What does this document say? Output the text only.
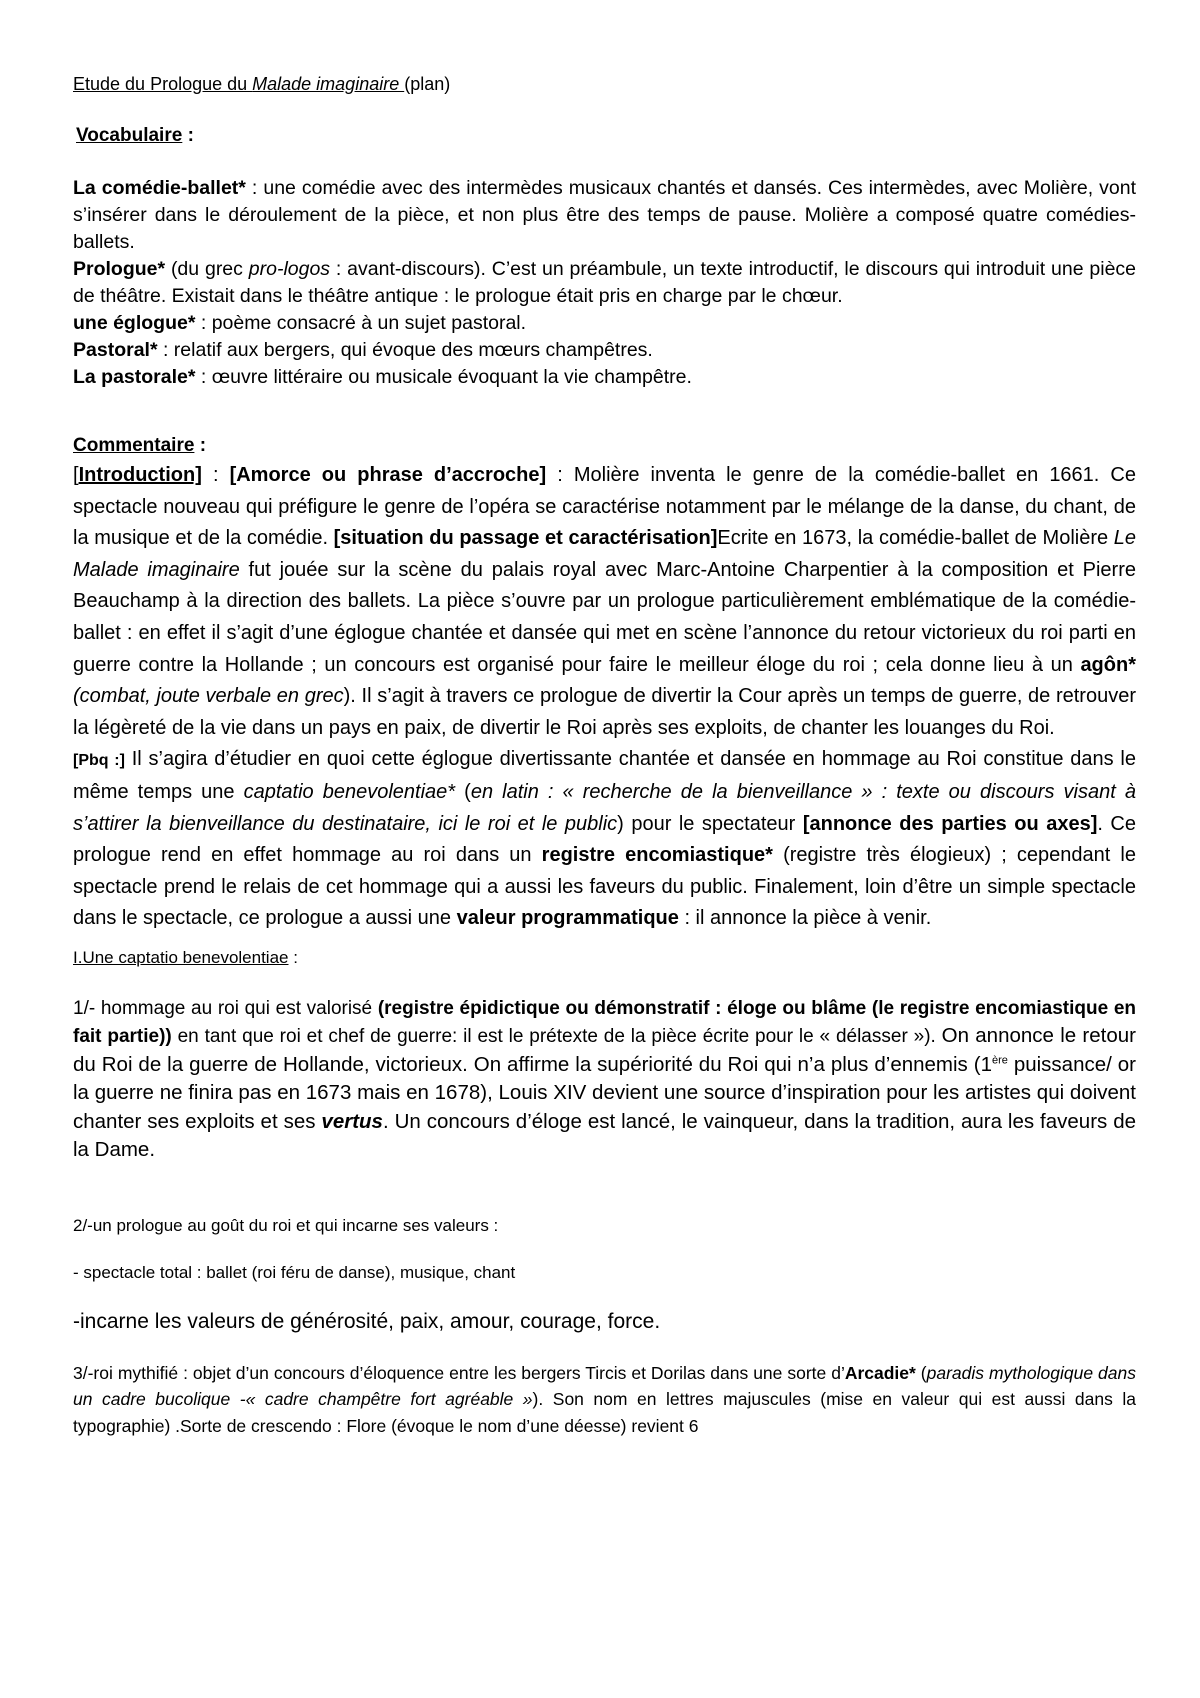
Etude du Prologue du Malade imaginaire (plan)

Vocabulaire :

La comédie-ballet* : une comédie avec des intermèdes musicaux chantés et dansés. Ces intermèdes, avec Molière, vont s’insérer dans le déroulement de la pièce, et non plus être des temps de pause. Molière a composé quatre comédies-ballets.

Prologue* (du grec pro-logos : avant-discours). C’est un préambule, un texte introductif, le discours qui introduit une pièce de théâtre. Existait dans le théâtre antique : le prologue était pris en charge par le chœur.

une églogue* : poème consacré à un sujet pastoral.

Pastoral* : relatif aux bergers, qui évoque des mœurs champêtres.

La pastorale* : œuvre littéraire ou musicale évoquant la vie champêtre.

Commentaire :

[Introduction] : [Amorce ou phrase d’accroche] : Molière inventa le genre de la comédie-ballet en 1661. Ce spectacle nouveau qui préfigure le genre de l’opéra se caractérise notamment par le mélange de la danse, du chant, de la musique et de la comédie. [situation du passage et caractérisation]Ecrite en 1673, la comédie-ballet de Molière Le Malade imaginaire fut jouée sur la scène du palais royal avec Marc-Antoine Charpentier à la composition et Pierre Beauchamp à la direction des ballets. La pièce s’ouvre par un prologue particulièrement emblématique de la comédie-ballet : en effet il s’agit d’une églogue chantée et dansée qui met en scène l’annonce du retour victorieux du roi parti en guerre contre la Hollande ; un concours est organisé pour faire le meilleur éloge du roi ; cela donne lieu à un agôn*(combat, joute verbale en grec). Il s’agit à travers ce prologue de divertir la Cour après un temps de guerre, de retrouver la légèreté de la vie dans un pays en paix, de divertir le Roi après ses exploits, de chanter les louanges du Roi.

[Pbq :] Il s’agira d’étudier en quoi cette églogue divertissante chantée et dansée en hommage au Roi constitue dans le même temps une captatio benevolentiae* (en latin : « recherche de la bienveillance » : texte ou discours visant à s’attirer la bienveillance du destinataire, ici le roi et le public) pour le spectateur [annonce des parties ou axes]. Ce prologue rend en effet hommage au roi dans un registre encomiastique* (registre très élogieux) ; cependant le spectacle prend le relais de cet hommage qui a aussi les faveurs du public. Finalement, loin d’être un simple spectacle dans le spectacle, ce prologue a aussi une valeur programmatique : il annonce la pièce à venir.

I.Une captatio benevolentiae :

1/- hommage au roi qui est valorisé (registre épidictique ou démonstratif : éloge ou blâme (le registre encomiastique en fait partie)) en tant que roi et chef de guerre: il est le prétexte de la pièce écrite pour le « délasser »). On annonce le retour du Roi de la guerre de Hollande, victorieux. On affirme la supériorité du Roi qui n’a plus d’ennemis (1ère puissance/ or la guerre ne finira pas en 1673 mais en 1678), Louis XIV devient une source d’inspiration pour les artistes qui doivent chanter ses exploits et ses vertus. Un concours d’éloge est lancé, le vainqueur, dans la tradition, aura les faveurs de la Dame.

2/-un prologue au goût du roi et qui incarne ses valeurs :

- spectacle total : ballet (roi féru de danse), musique, chant

-incarne les valeurs de générosité, paix, amour, courage, force.

3/-roi mythifié : objet d’un concours d’éloquence entre les bergers Tircis et Dorilas dans une sorte d’Arcadie* (paradis mythologique dans un cadre bucolique -« cadre champêtre fort agréable »). Son nom en lettres majuscules (mise en valeur qui est aussi dans la typographie) .Sorte de crescendo : Flore (évoque le nom d’une déesse) revient 6
